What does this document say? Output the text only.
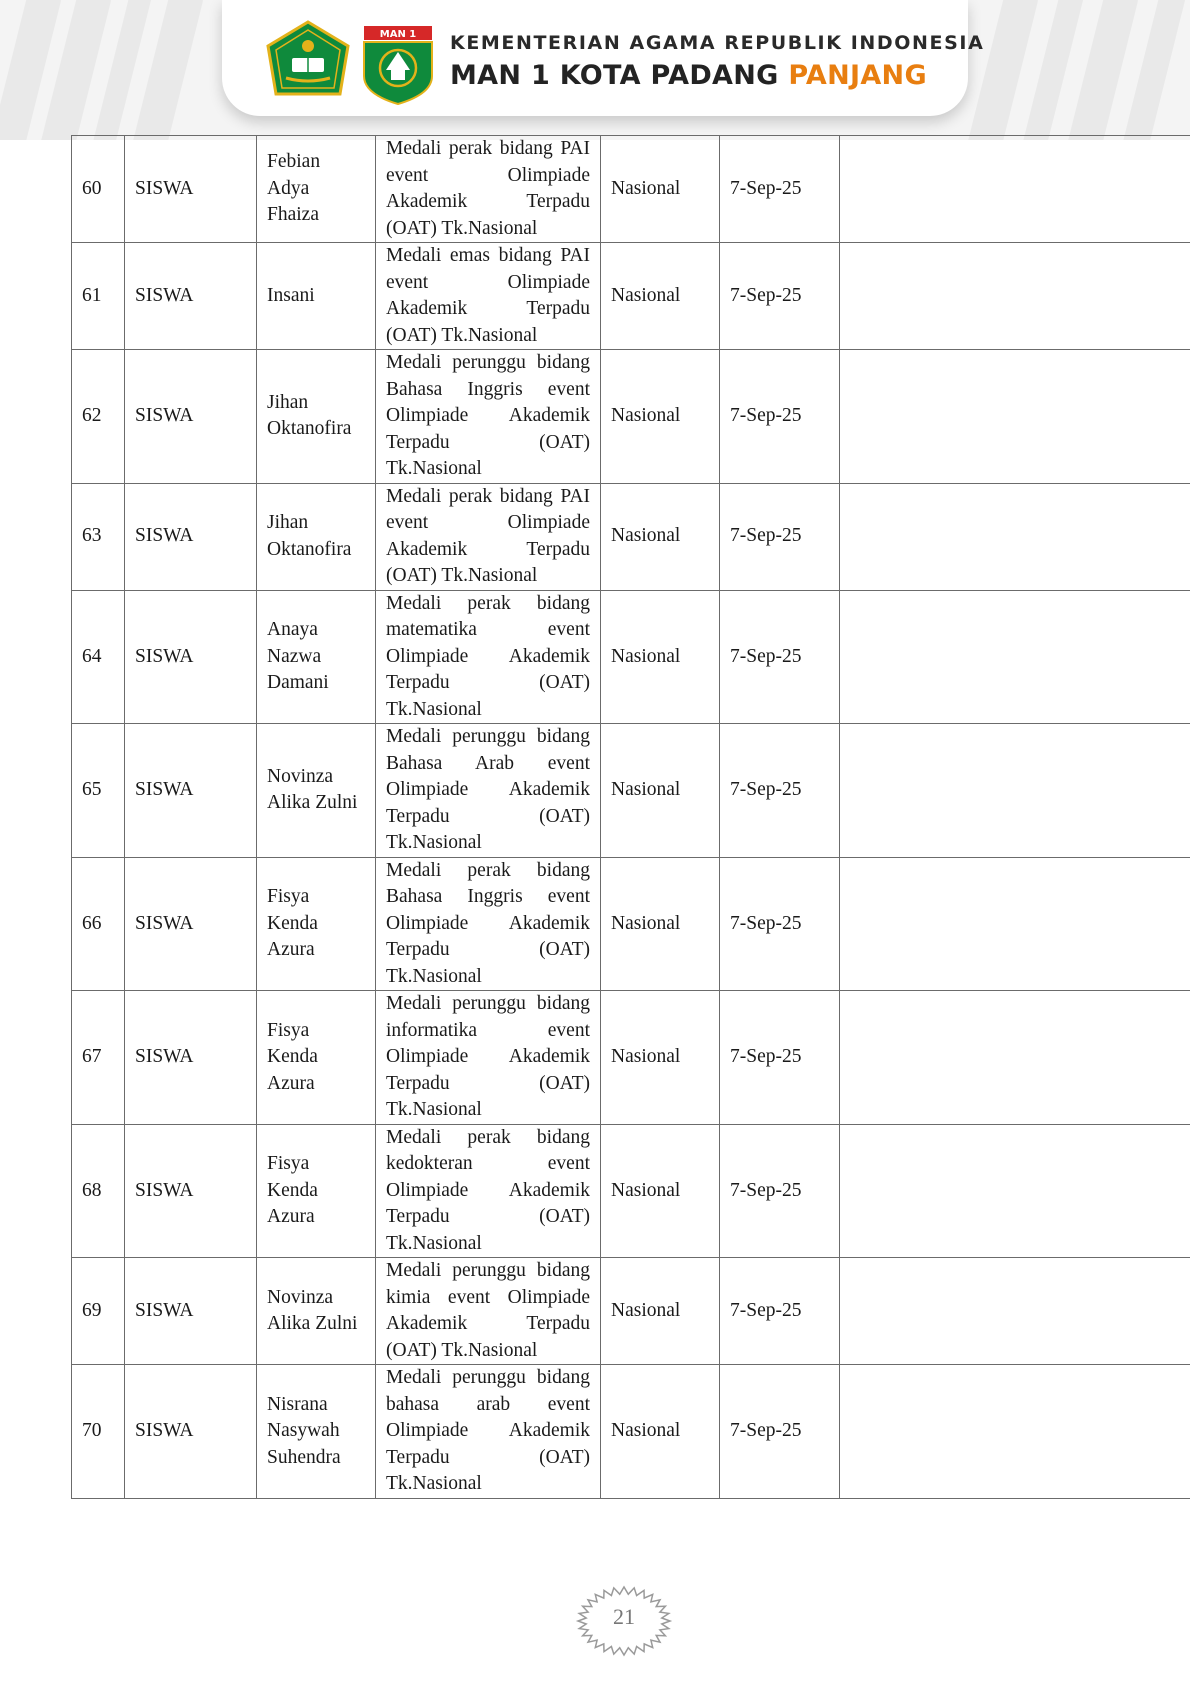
MAN 1 KEMENTERIAN AGAMA REPUBLIK INDONESIA
MAN 1 KOTA PADANG PANJANG
60	SISWA	Febian Adya Fhaiza	Medali perak bidang PAI event Olimpiade Akademik Terpadu (OAT) Tk.Nasional	Nasional	7-Sep-25	
61	SISWA	Insani	Medali emas bidang PAI event Olimpiade Akademik Terpadu (OAT) Tk.Nasional	Nasional	7-Sep-25	
62	SISWA	Jihan Oktanofira	Medali perunggu bidang Bahasa Inggris event Olimpiade Akademik Terpadu (OAT) Tk.Nasional	Nasional	7-Sep-25	
63	SISWA	Jihan Oktanofira	Medali perak bidang PAI event Olimpiade Akademik Terpadu (OAT) Tk.Nasional	Nasional	7-Sep-25	
64	SISWA	Anaya Nazwa Damani	Medali perak bidang matematika event Olimpiade Akademik Terpadu (OAT) Tk.Nasional	Nasional	7-Sep-25	
65	SISWA	Novinza Alika Zulni	Medali perunggu bidang Bahasa Arab event Olimpiade Akademik Terpadu (OAT) Tk.Nasional	Nasional	7-Sep-25	
66	SISWA	Fisya Kenda Azura	Medali perak bidang Bahasa Inggris event Olimpiade Akademik Terpadu (OAT) Tk.Nasional	Nasional	7-Sep-25	
67	SISWA	Fisya Kenda Azura	Medali perunggu bidang informatika event Olimpiade Akademik Terpadu (OAT) Tk.Nasional	Nasional	7-Sep-25	
68	SISWA	Fisya Kenda Azura	Medali perak bidang kedokteran event Olimpiade Akademik Terpadu (OAT) Tk.Nasional	Nasional	7-Sep-25	
69	SISWA	Novinza Alika Zulni	Medali perunggu bidang kimia event Olimpiade Akademik Terpadu (OAT) Tk.Nasional	Nasional	7-Sep-25	
70	SISWA	Nisrana Nasywah Suhendra	Medali perunggu bidang bahasa arab event Olimpiade Akademik Terpadu (OAT) Tk.Nasional	Nasional	7-Sep-25	
21
